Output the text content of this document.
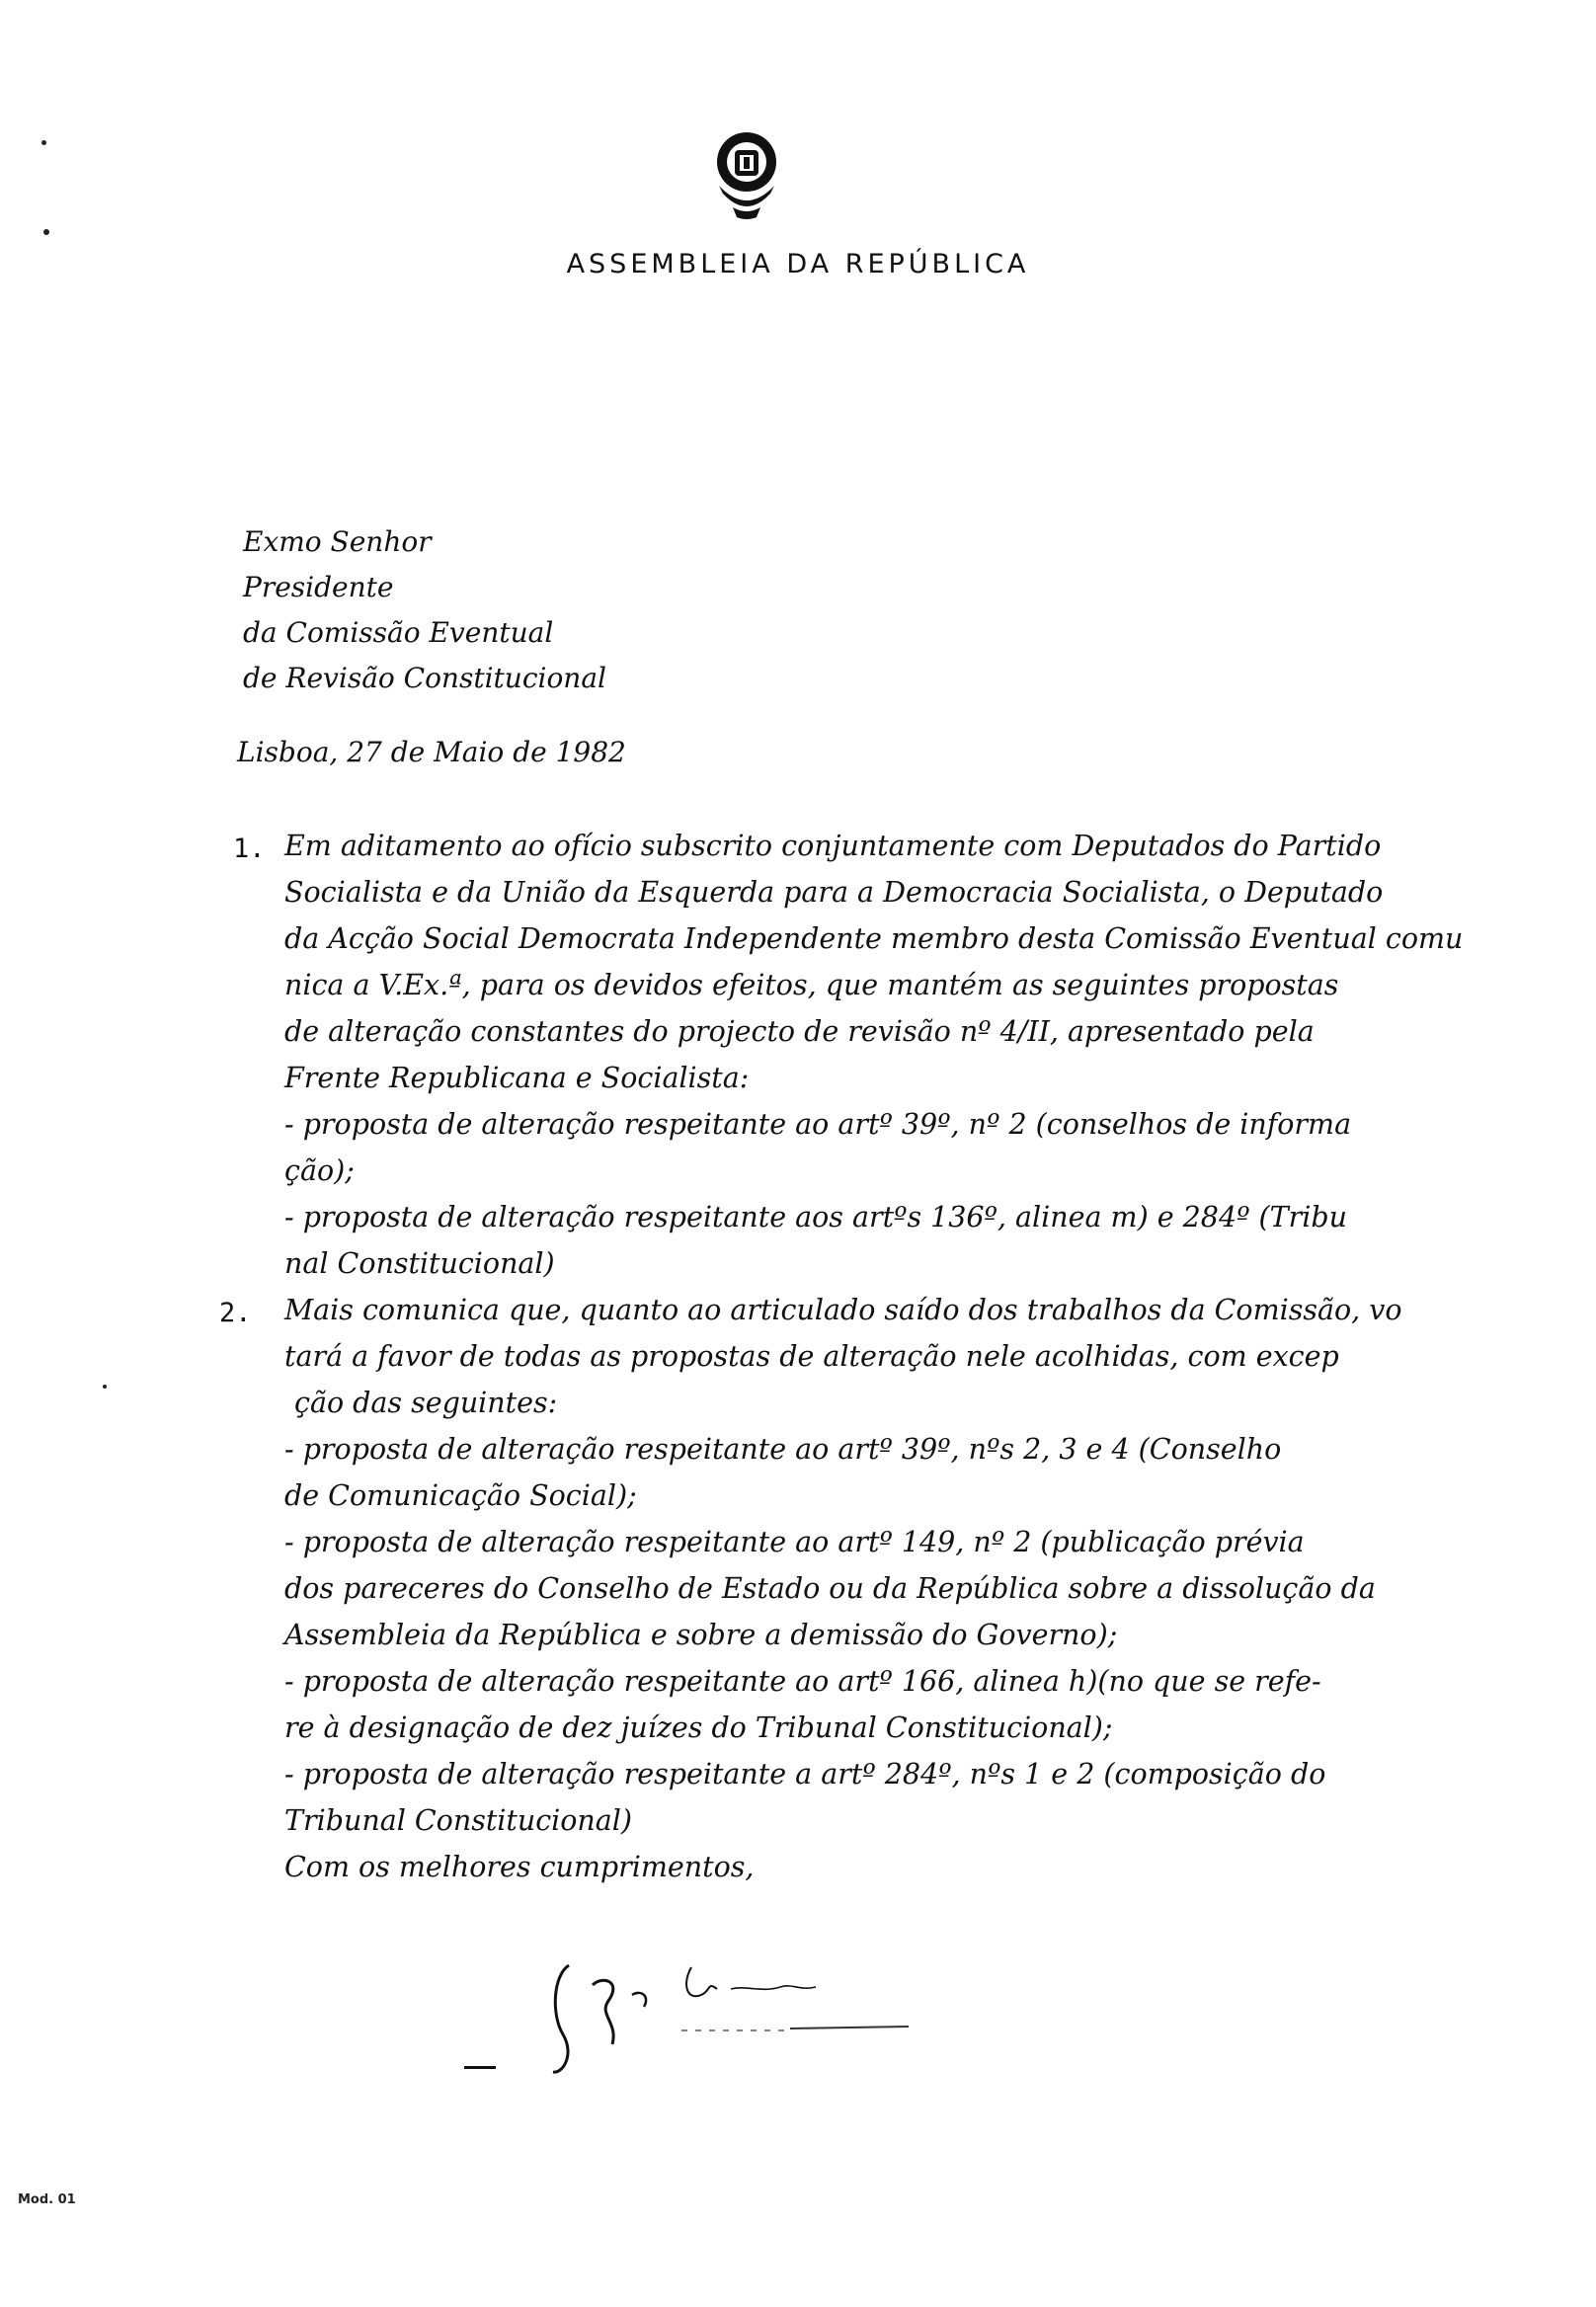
ASSEMBLEIA DA REPÚBLICA
Exmo Senhor
Presidente
da Comissão Eventual
de Revisão Constitucional
Lisboa, 27 de Maio de 1982
1. Em aditamento ao ofício subscrito conjuntamente com Deputados do Partido
Socialista e da União da Esquerda para a Democracia Socialista, o Deputado
da Acção Social Democrata Independente membro desta Comissão Eventual comu
nica a V.Ex.ª, para os devidos efeitos, que mantém as seguintes propostas
de alteração constantes do projecto de revisão nº 4/II, apresentado pela
Frente Republicana e Socialista:
- proposta de alteração respeitante ao artº 39º, nº 2 (conselhos de informa
ção);
- proposta de alteração respeitante aos artºs 136º, alinea m) e 284º (Tribu
nal Constitucional)
2. Mais comunica que, quanto ao articulado saído dos trabalhos da Comissão, vo
tará a favor de todas as propostas de alteração nele acolhidas, com excep
ção das seguintes:
- proposta de alteração respeitante ao artº 39º, nºs 2, 3 e 4 (Conselho
de Comunicação Social);
- proposta de alteração respeitante ao artº 149, nº 2 (publicação prévia
dos pareceres do Conselho de Estado ou da República sobre a dissolução da
Assembleia da República e sobre a demissão do Governo);
- proposta de alteração respeitante ao artº 166, alinea h)(no que se refe-
re à designação de dez juízes do Tribunal Constitucional);
- proposta de alteração respeitante a artº 284º, nºs 1 e 2 (composição do
Tribunal Constitucional)
Com os melhores cumprimentos,
Mod. 01
